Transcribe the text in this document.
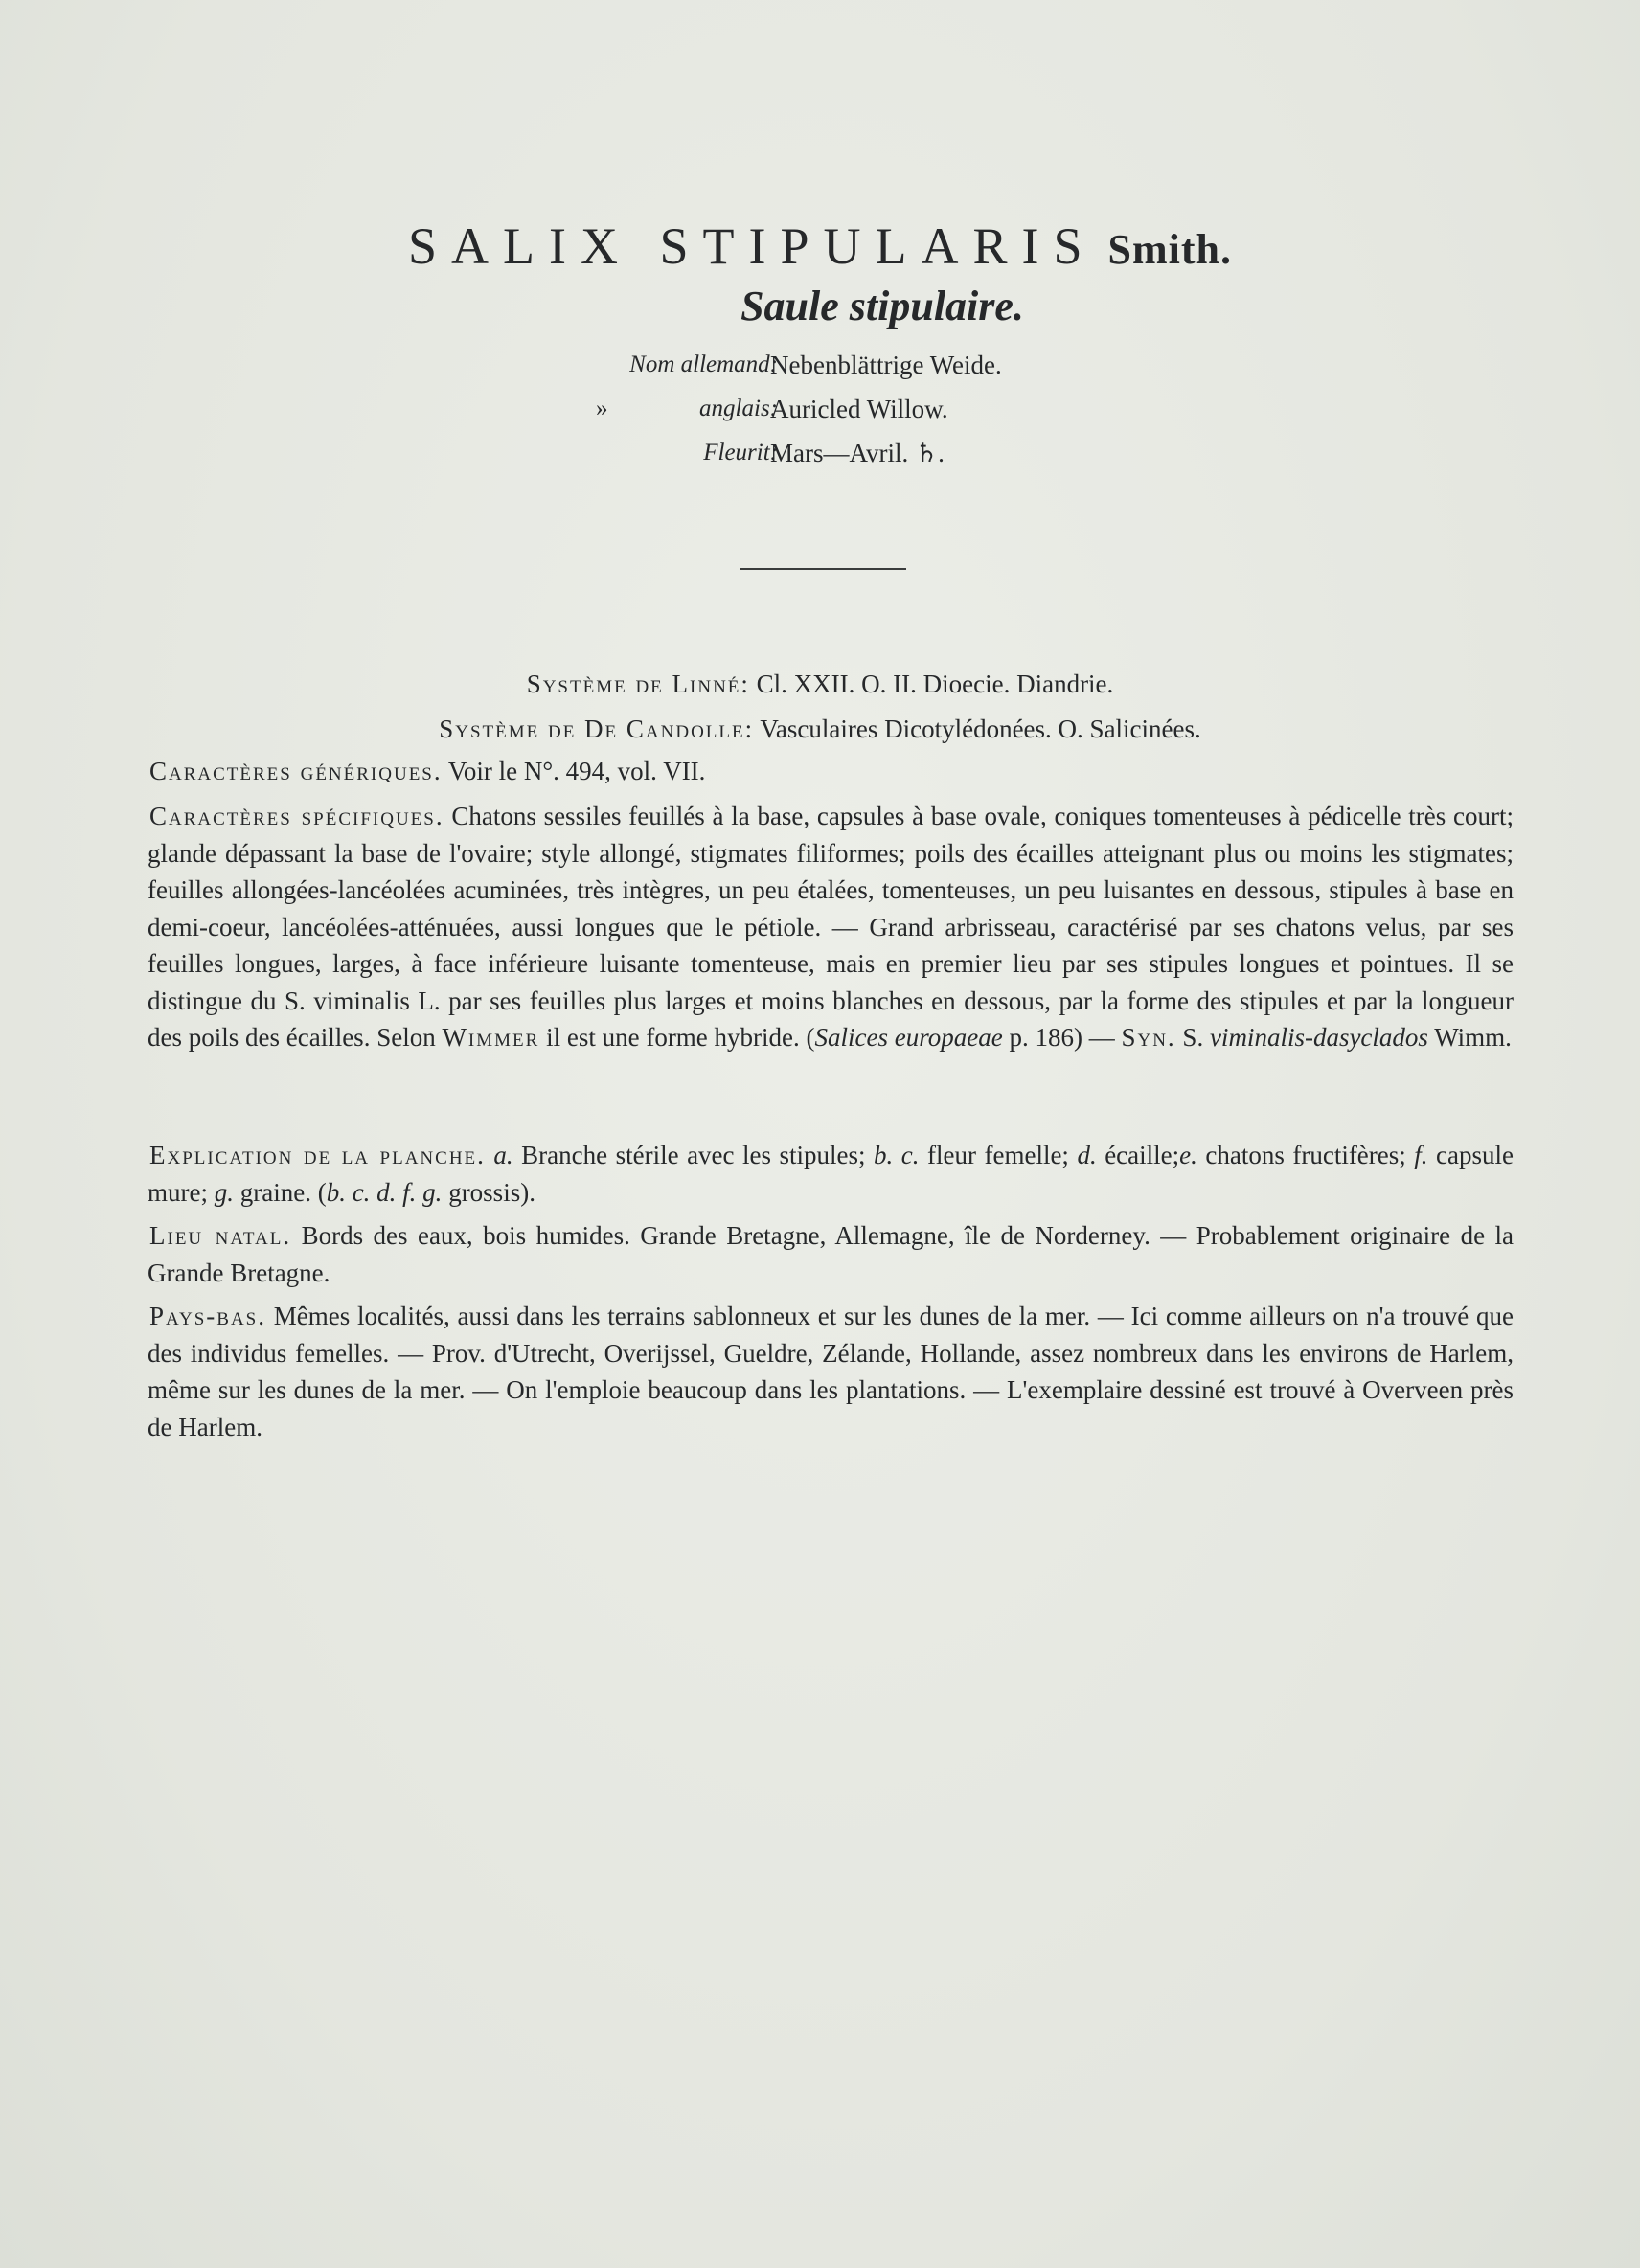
SALIX STIPULARIS Smith.
Saule stipulaire.
Nom allemand:
Nebenblättrige Weide.
»	anglais:
Auricled Willow.
Fleurit:
Mars—Avril. ♄.
Système de Linné: Cl. XXII. O. II. Dioecie. Diandrie.
Système de De Candolle: Vasculaires Dicotylédonées. O. Salicinées.
Caractères génériques. Voir le N°. 494, vol. VII.
Caractères spécifiques. Chatons sessiles feuillés à la base, capsules à base ovale, coniques tomenteuses à pédicelle très court; glande dépassant la base de l'ovaire; style allongé, stigmates filiformes; poils des écailles atteignant plus ou moins les stigmates; feuilles allongées-lancéolées acuminées, très intègres, un peu étalées, tomenteuses, un peu luisantes en dessous, stipules à base en demi-coeur, lancéolées-atténuées, aussi longues que le pétiole. — Grand arbrisseau, caractérisé par ses chatons velus, par ses feuilles longues, larges, à face inférieure luisante tomenteuse, mais en premier lieu par ses stipules longues et pointues. Il se distingue du S. viminalis L. par ses feuilles plus larges et moins blanches en dessous, par la forme des stipules et par la longueur des poils des écailles. Selon Wimmer il est une forme hybride. (Salices europaeae p. 186) — Syn. S. viminalis-dasyclados Wimm.
Explication de la planche. a. Branche stérile avec les stipules; b. c. fleur femelle; d. écaille;e. chatons fructifères; f. capsule mure; g. graine. (b. c. d. f. g. grossis).
Lieu natal. Bords des eaux, bois humides. Grande Bretagne, Allemagne, île de Norderney. — Probablement originaire de la Grande Bretagne.
Pays-bas. Mêmes localités, aussi dans les terrains sablonneux et sur les dunes de la mer. — Ici comme ailleurs on n'a trouvé que des individus femelles. — Prov. d'Utrecht, Overijssel, Gueldre, Zélande, Hollande, assez nombreux dans les environs de Harlem, même sur les dunes de la mer. — On l'emploie beaucoup dans les plantations. — L'exemplaire dessiné est trouvé à Overveen près de Harlem.
